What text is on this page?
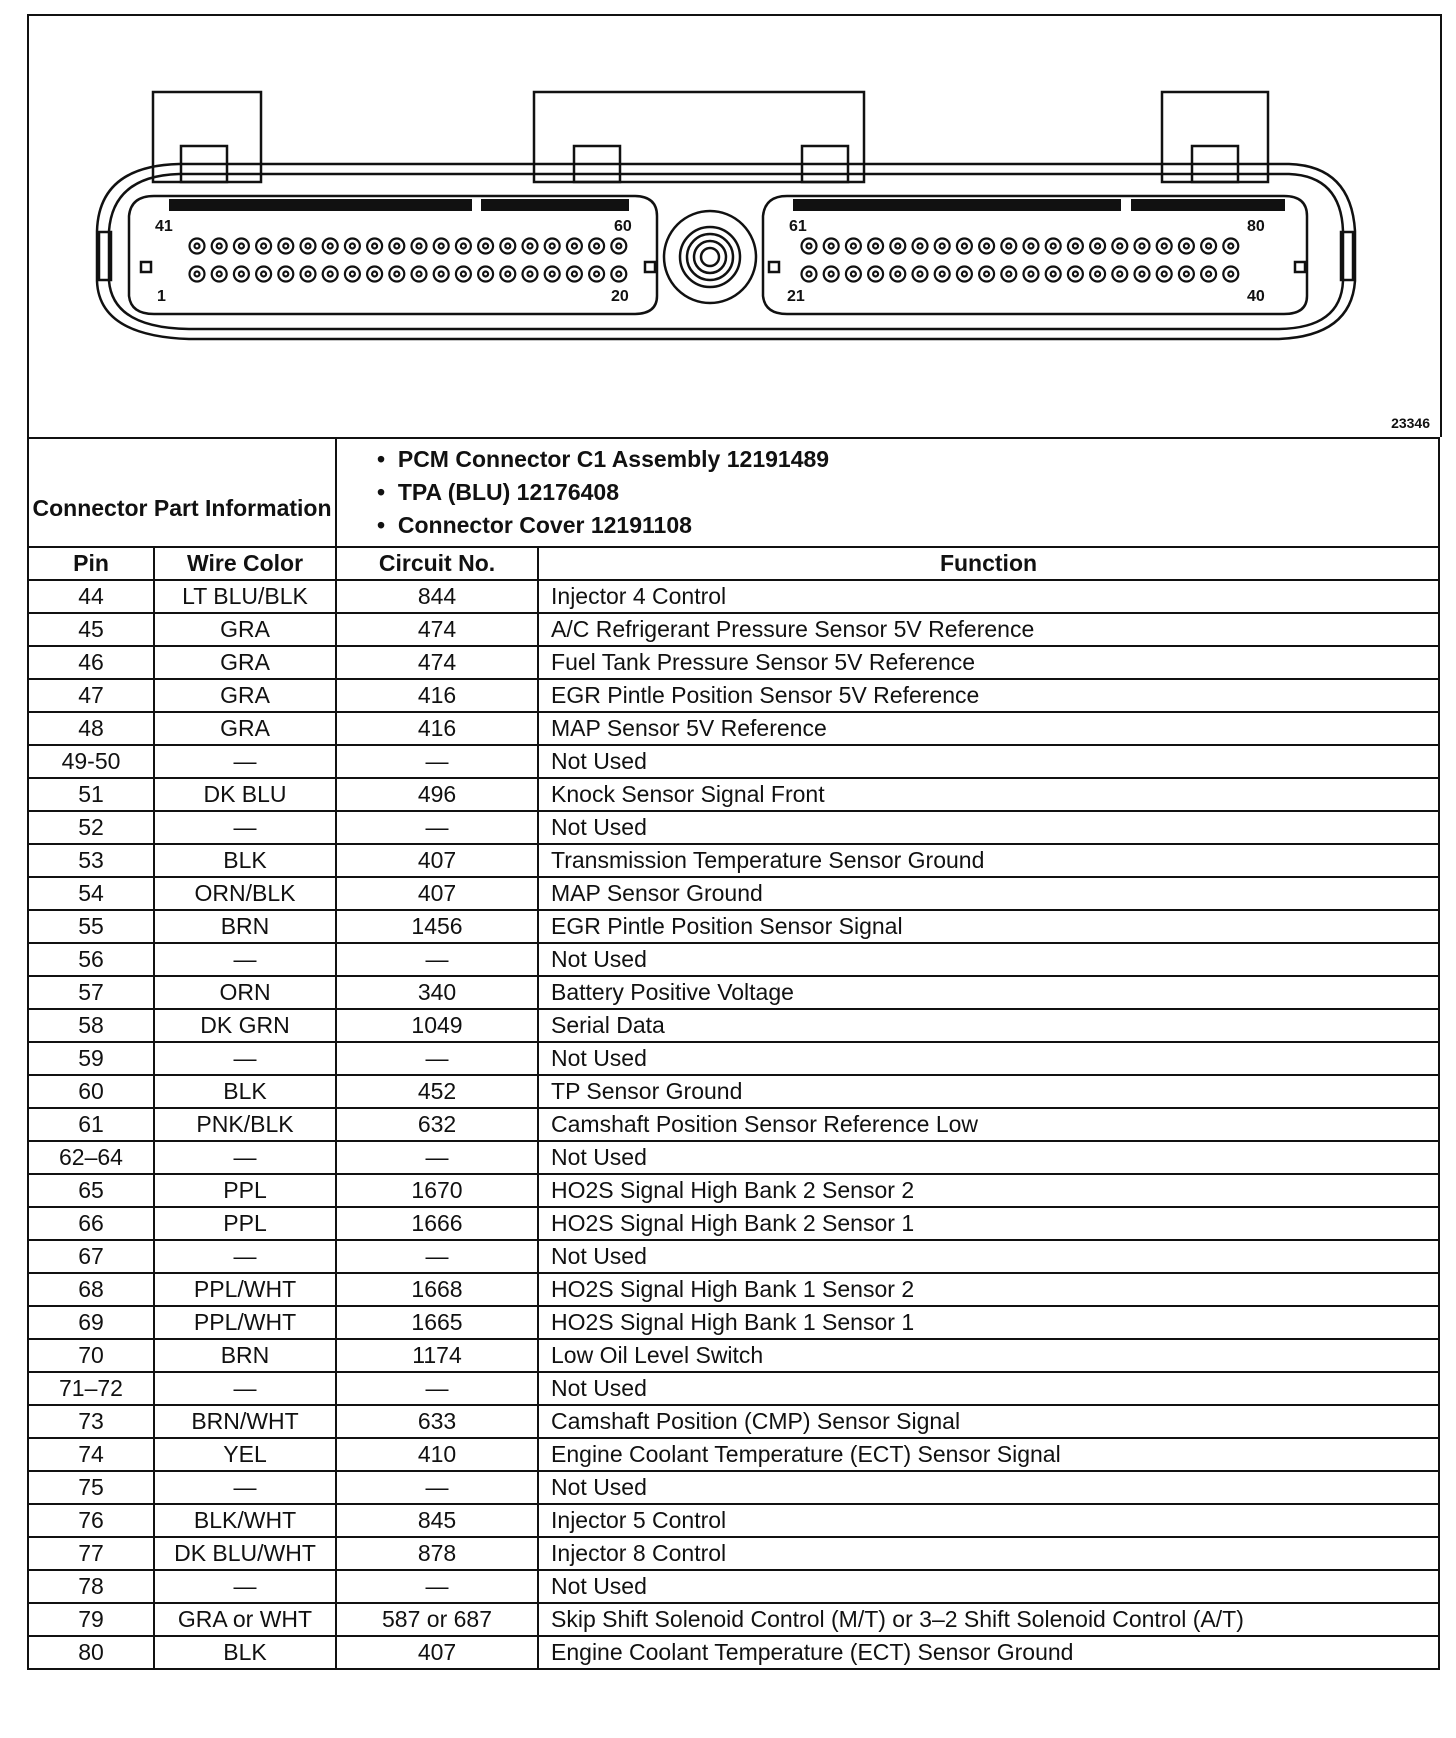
41	60
1	20
61	80
21	40
23346
Connector Part Information		•  PCM Connector C1 Assembly 12191489
•  TPA (BLU) 12176408
•  Connector Cover 12191108	

Pin	Wire Color	Circuit No.	Function
44	LT BLU/BLK	844	Injector 4 Control
45	GRA	474	A/C Refrigerant Pressure Sensor 5V Reference
46	GRA	474	Fuel Tank Pressure Sensor 5V Reference
47	GRA	416	EGR Pintle Position Sensor 5V Reference
48	GRA	416	MAP Sensor 5V Reference
49-50	—	—	Not Used
51	DK BLU	496	Knock Sensor Signal Front
52	—	—	Not Used
53	BLK	407	Transmission Temperature Sensor Ground
54	ORN/BLK	407	MAP Sensor Ground
55	BRN	1456	EGR Pintle Position Sensor Signal
56	—	—	Not Used
57	ORN	340	Battery Positive Voltage
58	DK GRN	1049	Serial Data
59	—	—	Not Used
60	BLK	452	TP Sensor Ground
61	PNK/BLK	632	Camshaft Position Sensor Reference Low
62–64	—	—	Not Used
65	PPL	1670	HO2S Signal High Bank 2 Sensor 2
66	PPL	1666	HO2S Signal High Bank 2 Sensor 1
67	—	—	Not Used
68	PPL/WHT	1668	HO2S Signal High Bank 1 Sensor 2
69	PPL/WHT	1665	HO2S Signal High Bank 1 Sensor 1
70	BRN	1174	Low Oil Level Switch
71–72	—	—	Not Used
73	BRN/WHT	633	Camshaft Position (CMP) Sensor Signal
74	YEL	410	Engine Coolant Temperature (ECT) Sensor Signal
75	—	—	Not Used
76	BLK/WHT	845	Injector 5 Control
77	DK BLU/WHT	878	Injector 8 Control
78	—	—	Not Used
79	GRA or WHT	587 or 687	Skip Shift Solenoid Control (M/T) or 3–2 Shift Solenoid Control (A/T)
80	BLK	407	Engine Coolant Temperature (ECT) Sensor Ground
